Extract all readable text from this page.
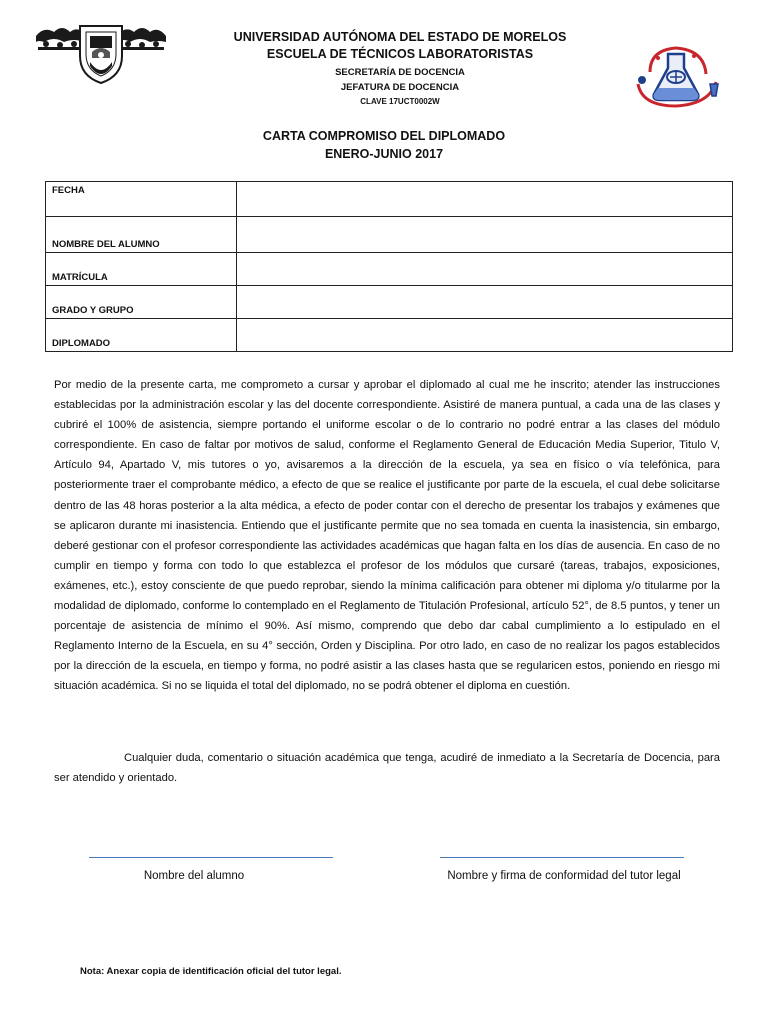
UNIVERSIDAD AUTÓNOMA DEL ESTADO DE MORELOS
ESCUELA DE TÉCNICOS LABORATORISTAS
SECRETARÍA DE DOCENCIA
JEFATURA DE DOCENCIA
CLAVE 17UCT0002W
CARTA COMPROMISO DEL DIPLOMADO
ENERO-JUNIO 2017
FECHA	
NOMBRE DEL ALUMNO	
MATRÍCULA	
GRADO Y GRUPO	
DIPLOMADO	

Por medio de la presente carta, me comprometo a cursar y aprobar el diplomado al cual me he inscrito; atender las instrucciones establecidas por la administración escolar y las del docente correspondiente. Asistiré de manera puntual, a cada una de las clases y cubriré el 100% de asistencia, siempre portando el uniforme escolar o de lo contrario no podré entrar a las clases del módulo correspondiente. En caso de faltar por motivos de salud, conforme el Reglamento General de Educación Media Superior, Titulo V, Artículo 94, Apartado V, mis tutores o yo, avisaremos a la dirección de la escuela, ya sea en físico o vía telefónica, para posteriormente traer el comprobante médico, a efecto de que se realice el justificante por parte de la escuela, el cual debe solicitarse dentro de las 48 horas posterior a la alta médica, a efecto de poder contar con el derecho de presentar los trabajos y exámenes que se aplicaron durante mi inasistencia. Entiendo que el justificante permite que no sea tomada en cuenta la inasistencia, sin embargo, deberé gestionar con el profesor correspondiente las actividades académicas que hagan falta en los días de ausencia. En caso de no cumplir en tiempo y forma con todo lo que establezca el profesor de los módulos que cursaré (tareas, trabajos, exposiciones, exámenes, etc.), estoy consciente de que puedo reprobar, siendo la mínima calificación para obtener mi diploma y/o titularme por la modalidad de diplomado, conforme lo contemplado en el Reglamento de Titulación Profesional, artículo 52°, de 8.5 puntos, y tener un porcentaje de asistencia de mínimo el 90%. Así mismo, comprendo que debo dar cabal cumplimiento a lo estipulado en el Reglamento Interno de la Escuela, en su 4° sección, Orden y Disciplina. Por otro lado, en caso de no realizar los pagos establecidos por la dirección de la escuela, en tiempo y forma, no podré asistir a las clases hasta que se regularicen estos, poniendo en riesgo mi situación académica. Si no se liquida el total del diplomado, no se podrá obtener el diploma en cuestión.

Cualquier duda, comentario o situación académica que tenga, acudiré de inmediato a la Secretaría de Docencia, para ser atendido y orientado.
Nombre del alumno	Nombre y firma de conformidad del tutor legal
Nota: Anexar copia de identificación oficial del tutor legal.
